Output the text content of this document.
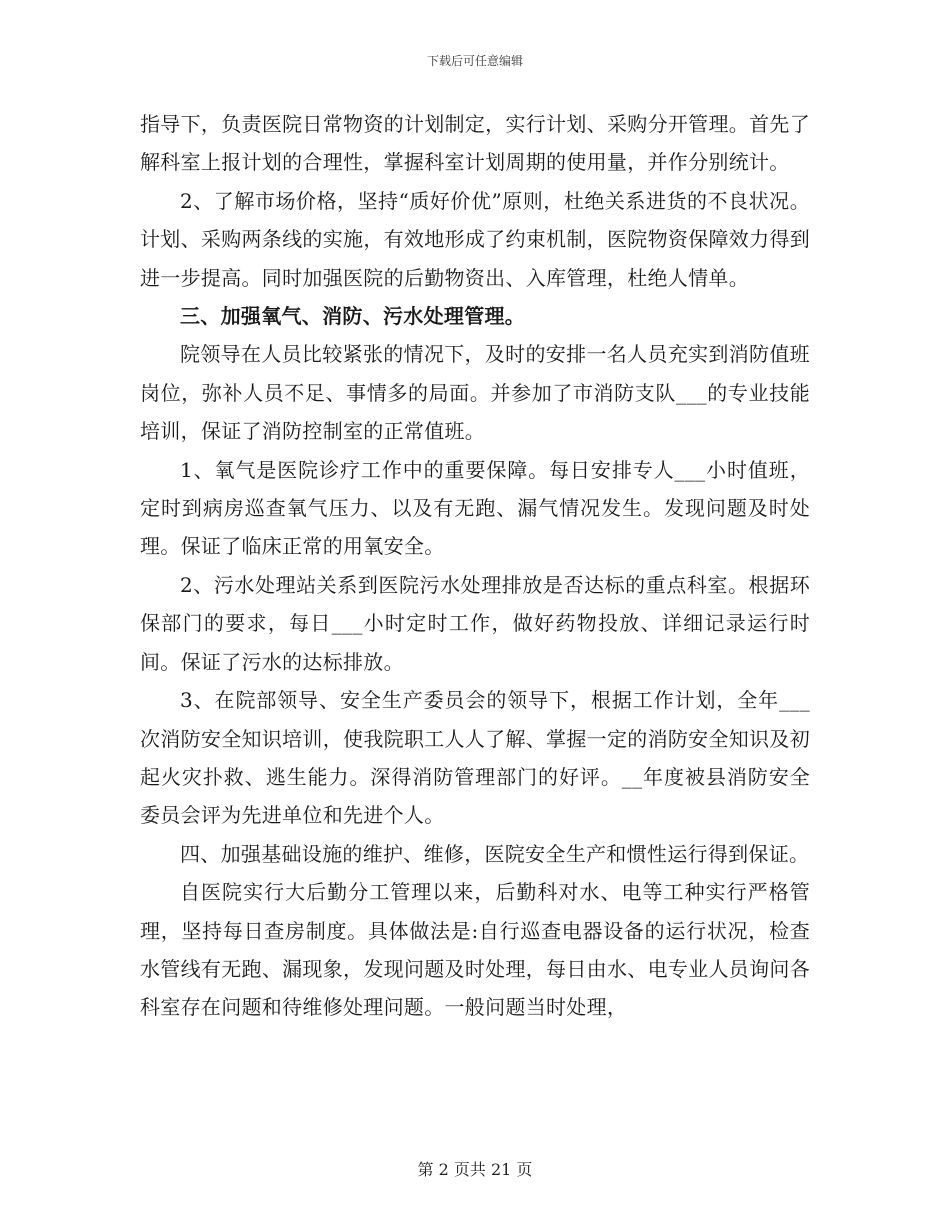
下载后可任意编辑

指导下，负责医院日常物资的计划制定，实行计划、采购分开管理。首先了解科室上报计划的合理性，掌握科室计划周期的使用量，并作分别统计。

2、了解市场价格，坚持“质好价优”原则，杜绝关系进货的不良状况。计划、采购两条线的实施，有效地形成了约束机制，医院物资保障效力得到进一步提高。同时加强医院的后勤物资出、入库管理，杜绝人情单。

三、加强氧气、消防、污水处理管理。

院领导在人员比较紧张的情况下，及时的安排一名人员充实到消防值班岗位，弥补人员不足、事情多的局面。并参加了市消防支队___的专业技能培训，保证了消防控制室的正常值班。

1、氧气是医院诊疗工作中的重要保障。每日安排专人___小时值班，定时到病房巡查氧气压力、以及有无跑、漏气情况发生。发现问题及时处理。保证了临床正常的用氧安全。

2、污水处理站关系到医院污水处理排放是否达标的重点科室。根据环保部门的要求，每日___小时定时工作，做好药物投放、详细记录运行时间。保证了污水的达标排放。

3、在院部领导、安全生产委员会的领导下，根据工作计划，全年___次消防安全知识培训，使我院职工人人了解、掌握一定的消防安全知识及初起火灾扑救、逃生能力。深得消防管理部门的好评。__年度被县消防安全委员会评为先进单位和先进个人。

四、加强基础设施的维护、维修，医院安全生产和惯性运行得到保证。

自医院实行大后勤分工管理以来，后勤科对水、电等工种实行严格管理，坚持每日查房制度。具体做法是:自行巡查电器设备的运行状况，检查水管线有无跑、漏现象，发现问题及时处理，每日由水、电专业人员询问各科室存在问题和待维修处理问题。一般问题当时处理，

第 2 页共 21 页
